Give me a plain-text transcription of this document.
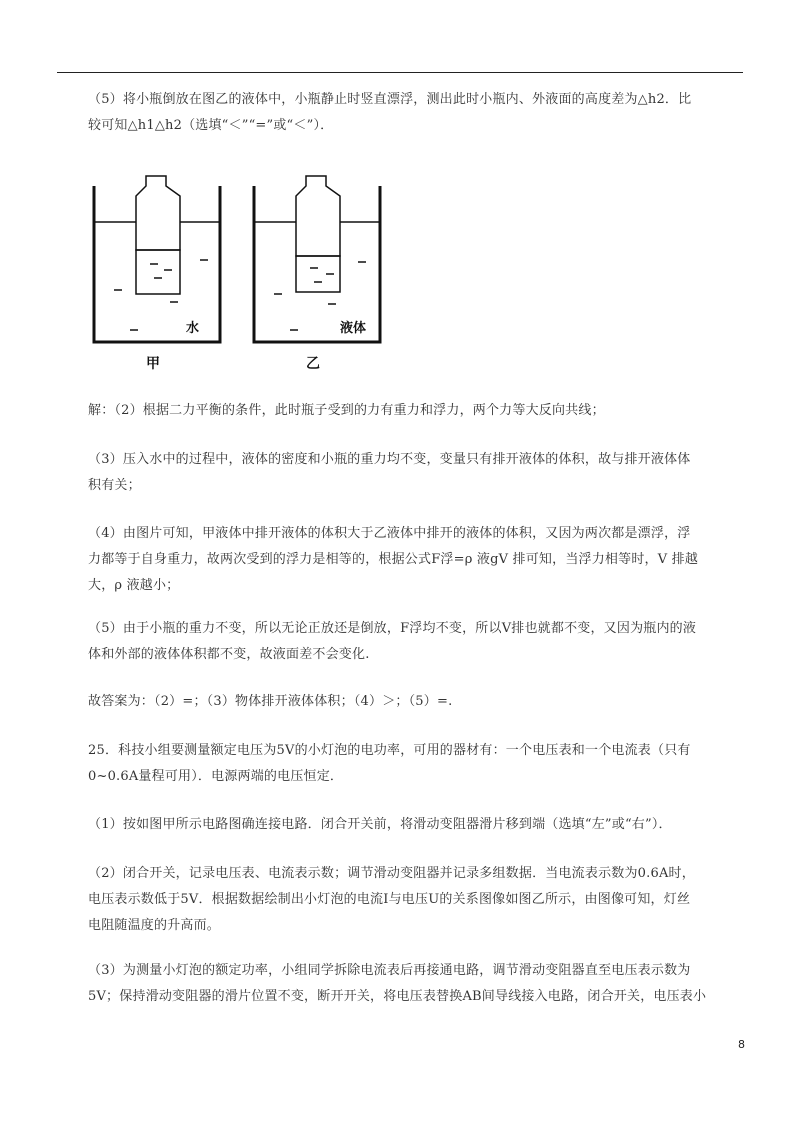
（5）将小瓶倒放在图乙的液体中，小瓶静止时竖直漂浮，测出此时小瓶内、外液面的高度差为△h2．比
较可知△h1△h2（选填“＜”“=”或“＜”）．

水	液体
甲	乙

解：（2）根据二力平衡的条件，此时瓶子受到的力有重力和浮力，两个力等大反向共线；

（3）压入水中的过程中，液体的密度和小瓶的重力均不变，变量只有排开液体的体积，故与排开液体体
积有关；

（4）由图片可知，甲液体中排开液体的体积大于乙液体中排开的液体的体积，又因为两次都是漂浮，浮
力都等于自身重力，故两次受到的浮力是相等的，根据公式F浮=ρ 液gV 排可知，当浮力相等时，V 排越
大，ρ 液越小；

（5）由于小瓶的重力不变，所以无论正放还是倒放，F浮均不变，所以V排也就都不变，又因为瓶内的液
体和外部的液体体积都不变，故液面差不会变化.

故答案为：（2）=；（3）物体排开液体体积；（4）＞；（5）=.

25．科技小组要测量额定电压为5V的小灯泡的电功率，可用的器材有：一个电压表和一个电流表（只有
0~0.6A量程可用）．电源两端的电压恒定．

（1）按如图甲所示电路图确连接电路．闭合开关前，将滑动变阻器滑片移到端（选填“左”或“右”）．

（2）闭合开关，记录电压表、电流表示数；调节滑动变阻器并记录多组数据．当电流表示数为0.6A时，
电压表示数低于5V．根据数据绘制出小灯泡的电流I与电压U的关系图像如图乙所示，由图像可知，灯丝
电阻随温度的升高而。

（3）为测量小灯泡的额定功率，小组同学拆除电流表后再接通电路，调节滑动变阻器直至电压表示数为
5V；保持滑动变阻器的滑片位置不变，断开开关，将电压表替换AB间导线接入电路，闭合开关，电压表小

8
